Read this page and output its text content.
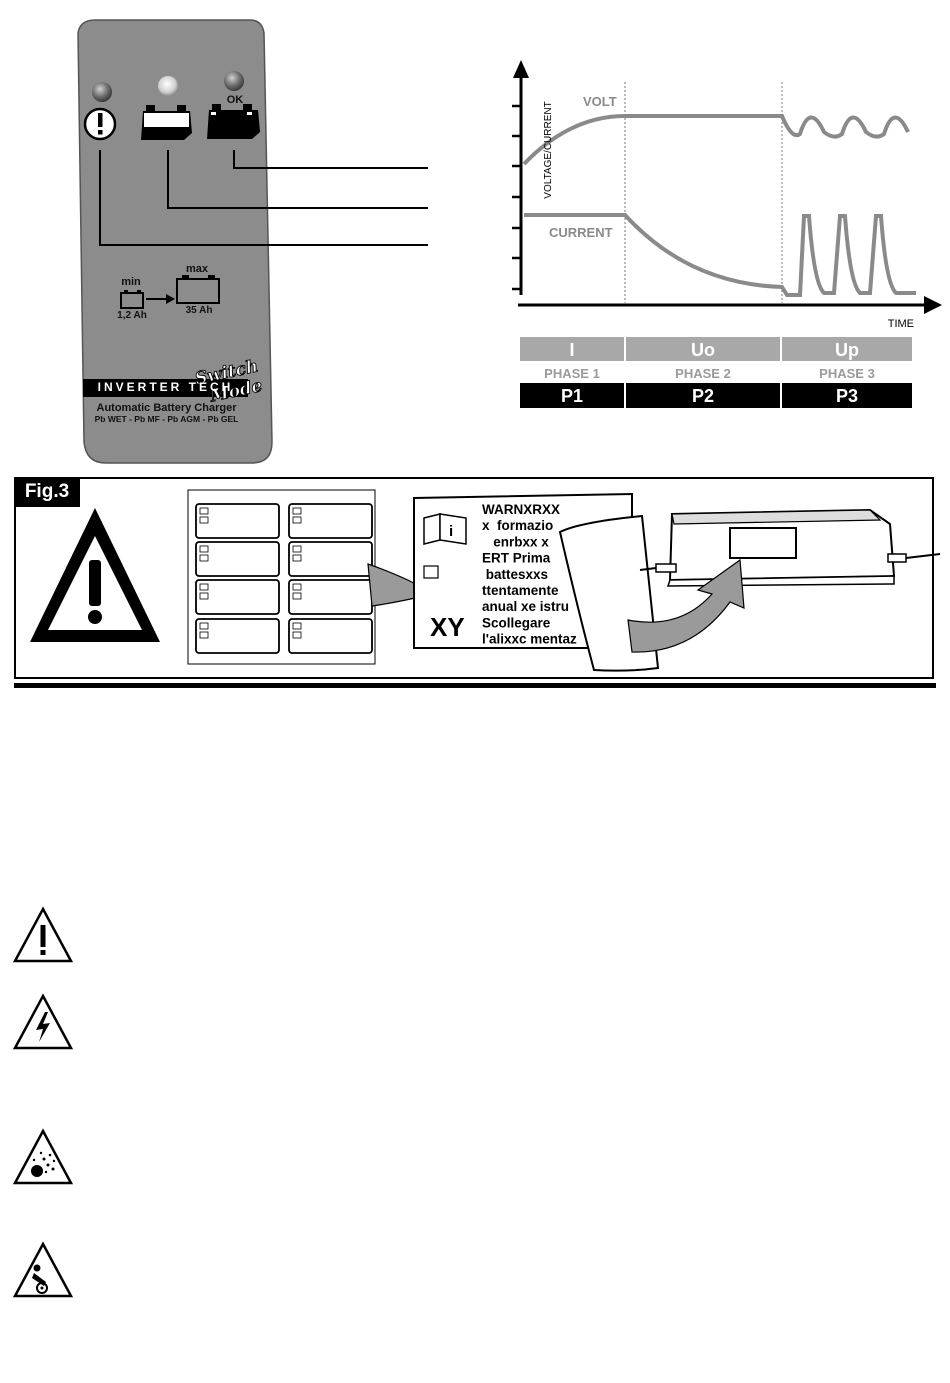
OK
min
max
1,2 Ah	35 Ah
Switch Mode
INVERTER TECH
Automatic Battery Charger
Pb WET - Pb MF - Pb AGM - Pb GEL
VOLT
CURRENT
VOLTAGE/CURRENT
TIME
I
PHASE 1
P1
Uo
PHASE 2
P2
Up
PHASE 3
P3
Fig.3
i
XY
WARNXRXX
x  formazio
enrbxx x
ERT Prima
battesxxs
ttentamente
anual xe istru
Scollegare
l'alixxc mentaz
